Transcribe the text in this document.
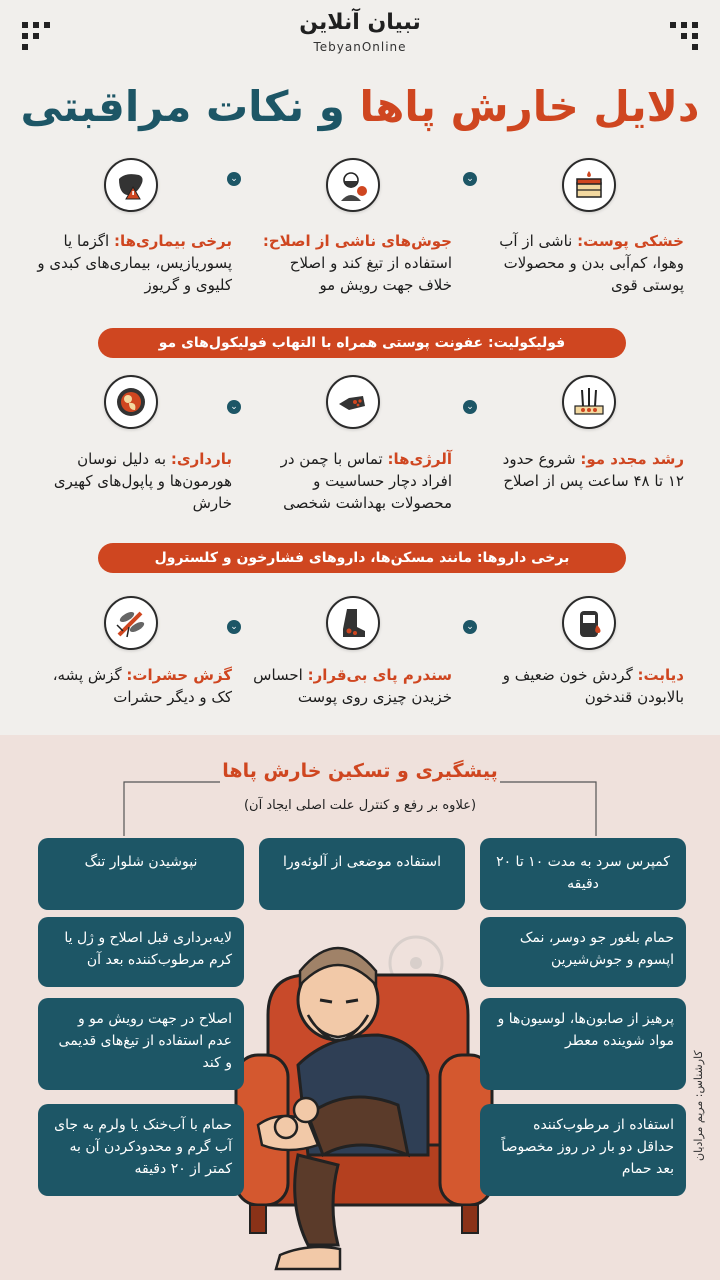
تبیان آنلاین
TebyanOnline
دلایل خارش پاها و نکات مراقبتی
⌄
⌄
خشکی پوست: ناشی از آب وهوا، کم‌آبی بدن و محصولات پوستی قوی
جوش‌های ناشی از اصلاح: استفاده از تیغ کند و اصلاح خلاف جهت رویش مو
برخی بیماری‌ها: اگزما یا پسوریازیس، بیماری‌های کبدی و کلیوی و گریوز
فولیکولیت: عفونت پوستی همراه با التهاب فولیکول‌های مو
⌄
⌄
رشد مجدد مو: شروع حدود ۱۲ تا ۴۸ ساعت پس از اصلاح
آلرژی‌ها: تماس با چمن در افراد دچار حساسیت و محصولات بهداشت شخصی
بارداری: به دلیل نوسان هورمون‌ها و پاپول‌های کهیری خارش
برخی داروها: مانند مسکن‌ها، داروهای فشارخون و کلسترول
⌄
⌄
دیابت: گردش خون ضعیف و بالابودن قندخون
سندرم پای بی‌قرار: احساس خزیدن چیزی روی پوست
گزش حشرات: گزش پشه، کک و دیگر حشرات
پیشگیری و تسکین خارش پاها
(علاوه بر رفع و کنترل علت اصلی ایجاد آن)
کمپرس سرد به مدت ۱۰ تا ۲۰ دقیقه
استفاده موضعی از آلوئه‌ورا
نپوشیدن شلوار تنگ
حمام بلغور جو دوسر، نمک اپسوم و جوش‌شیرین
پرهیز از صابون‌ها، لوسیون‌ها و مواد شوینده معطر
استفاده از مرطوب‌کننده حداقل دو بار در روز مخصوصاً بعد حمام
لایه‌برداری قبل اصلاح و ژل یا کرم مرطوب‌کننده بعد آن
اصلاح در جهت رویش مو و عدم استفاده از تیغ‌های قدیمی و کند
حمام با آب‌خنک یا ولرم به جای آب گرم و محدودکردن آن به کمتر از ۲۰ دقیقه
کارشناس: مریم مرادیان
